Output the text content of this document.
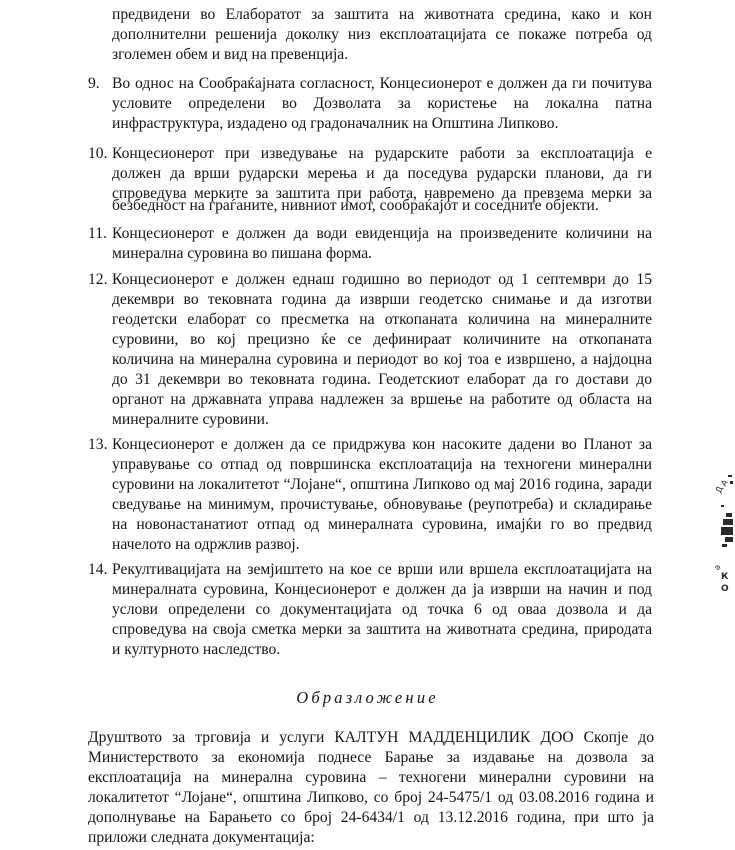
предвидени во Елаборатот за заштита на животната средина, како и кон
дополнителни решенија доколку низ експлоатацијата се покаже потреба од
зголемен обем и вид на превенција.
9. Во однос на Сообраќајната согласност, Концесионерот е должен да ги почитува
условите определени во Дозволата за користење на локална патна
инфраструктура, издадено од градоначалник на Општина Липково.
10. Концесионерот при изведување на рударските работи за експлоатација е
должен да врши рударски мерења и да поседува рударски планови, да ги
спроведува мерките за заштита при работа, навремено да превзема мерки за
безбедност на граѓаните, нивниот имот, сообраќајот и соседните објекти.
11. Концесионерот е должен да води евиденција на произведените количини на
минерална суровина во пишана форма.
12. Концесионерот е должен еднаш годишно во периодот од 1 септември до 15
декември во тековната година да изврши геодетско снимање и да изготви
геодетски елаборат со пресметка на откопаната количина на минералните
суровини, во кој прецизно ќе се дефинираат количините на откопаната
количина на минерална суровина и периодот во кој тоа е извршено, а најдоцна
до 31 декември во тековната година. Геодетскиот елаборат да го достави до
органот на државната управа надлежен за вршење на работите од областа на
минералните суровини.
13. Концесионерот е должен да се придржува кон насоките дадени во Планот за
управување со отпад од површинска експлоатација на техногени минерални
суровини на локалитетот “Лојане“, општина Липково од мај 2016 година, заради
сведување на минимум, прочистување, обновување (реупотреба) и складирање
на новонастанатиот отпад од минералната суровина, имајќи го во предвид
начелото на одржлив развој.
14. Рекултивацијата на земјиштето на кое се врши или вршела експлоатацијата на
минералната суровина, Концесионерот е должен да ја изврши на начин и под
услови определени со документацијата од точка 6 од оваа дозвола и да
спроведува на своја сметка мерки за заштита на животната средина, природата
и културното наследство.
Образложение
Друштвото за трговија и услуги КАЛТУН МАДДЕНЦИЛИК ДОО Скопје до
Министерството за економија поднесе Барање за издавање на дозвола за
експлоатација на минерална суровина – техногени минерални суровини на
локалитетот “Лојане“, општина Липково, со број 24-5475/1 од 03.08.2016 година и
дополнување на Барањето со број 24-6434/1 од 13.12.2016 година, при што ја
приложи следната документација:
Д
А
а
К
О
